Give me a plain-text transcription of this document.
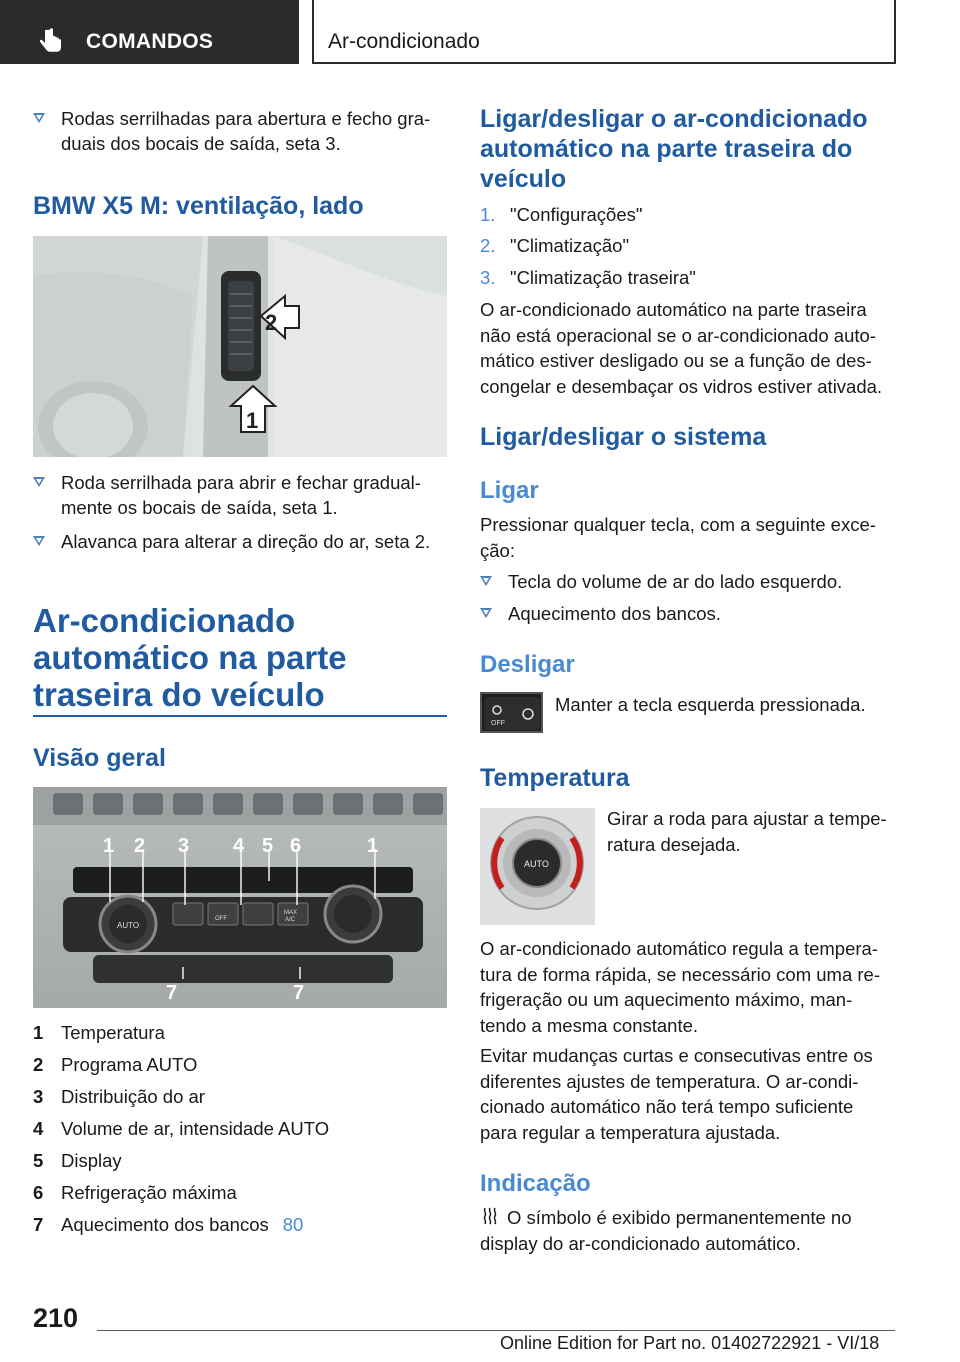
COMANDOS	Ar-condicionado
Rodas serrilhadas para abertura e fecho gra-duais dos bocais de saída, seta 3.
BMW X5 M: ventilação, lado
2
1
Roda serrilhada para abrir e fechar gradual-mente os bocais de saída, seta 1.
Alavanca para alterar a direção do ar, seta 2.
Ar-condicionado
automático na parte
traseira do veículo
Visão geral
AUTO
OFF
MAX
A/C
1 2 3 4 5 6	1
7	7
1 Temperatura
2 Programa AUTO
3 Distribuição do ar
4 Volume de ar, intensidade AUTO
5 Display
6 Refrigeração máxima
7 Aquecimento dos bancos 80
Ligar/desligar o ar-condicionado
automático na parte traseira do
veículo
1. "Configurações"
2. "Climatização"
3. "Climatização traseira"
O ar-condicionado automático na parte traseira
não está operacional se o ar-condicionado auto-
mático estiver desligado ou se a função de des-
congelar e desembaçar os vidros estiver ativada.
Ligar/desligar o sistema
Ligar
Pressionar qualquer tecla, com a seguinte exce-
ção:
Tecla do volume de ar do lado esquerdo.
Aquecimento dos bancos.
Desligar
OFF
Manter a tecla esquerda pressionada.
Temperatura
AUTO
Girar a roda para ajustar a tempe-
ratura desejada.
O ar-condicionado automático regula a tempera-
tura de forma rápida, se necessário com uma re-
frigeração ou um aquecimento máximo, man-
tendo a mesma constante.
Evitar mudanças curtas e consecutivas entre os
diferentes ajustes de temperatura. O ar-condi-
cionado automático não terá tempo suficiente
para regular a temperatura ajustada.
Indicação
O símbolo é exibido permanentemente no
display do ar-condicionado automático.
210
Online Edition for Part no. 01402722921 - VI/18
